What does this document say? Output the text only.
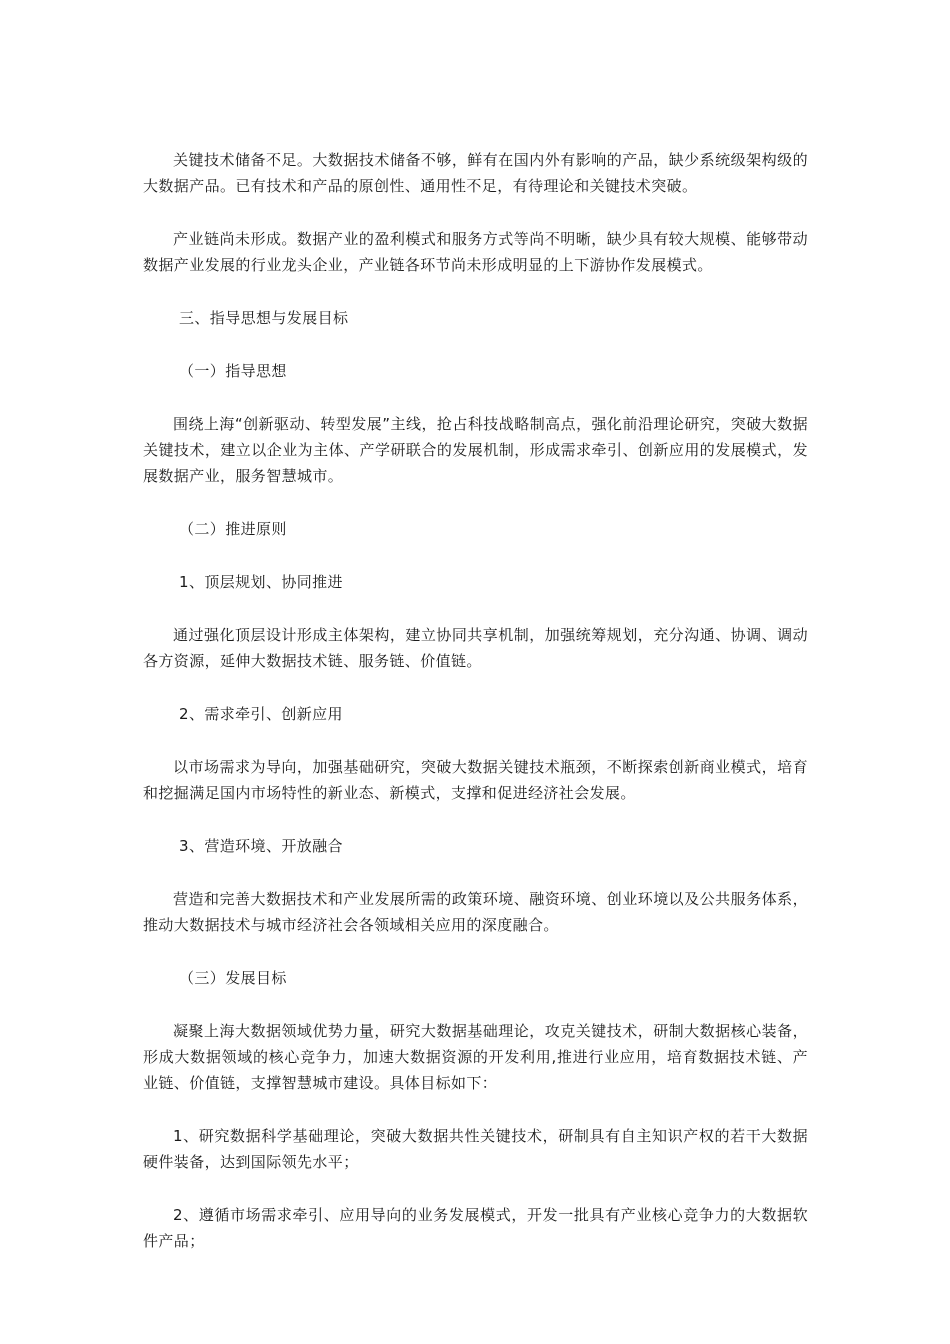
关键技术储备不足。大数据技术储备不够，鲜有在国内外有影响的产品，缺少系统级架构级的大数据产品。已有技术和产品的原创性、通用性不足，有待理论和关键技术突破。

产业链尚未形成。数据产业的盈利模式和服务方式等尚不明晰，缺少具有较大规模、能够带动数据产业发展的行业龙头企业，产业链各环节尚未形成明显的上下游协作发展模式。

三、指导思想与发展目标

（一）指导思想

围绕上海“创新驱动、转型发展”主线，抢占科技战略制高点，强化前沿理论研究，突破大数据关键技术，建立以企业为主体、产学研联合的发展机制，形成需求牵引、创新应用的发展模式，发展数据产业，服务智慧城市。

（二）推进原则

1、顶层规划、协同推进

通过强化顶层设计形成主体架构，建立协同共享机制，加强统筹规划，充分沟通、协调、调动各方资源，延伸大数据技术链、服务链、价值链。

2、需求牵引、创新应用

以市场需求为导向，加强基础研究，突破大数据关键技术瓶颈，不断探索创新商业模式，培育和挖掘满足国内市场特性的新业态、新模式，支撑和促进经济社会发展。

3、营造环境、开放融合

营造和完善大数据技术和产业发展所需的政策环境、融资环境、创业环境以及公共服务体系，推动大数据技术与城市经济社会各领域相关应用的深度融合。

（三）发展目标

凝聚上海大数据领域优势力量，研究大数据基础理论，攻克关键技术，研制大数据核心装备，形成大数据领域的核心竞争力，加速大数据资源的开发利用,推进行业应用，培育数据技术链、产业链、价值链，支撑智慧城市建设。具体目标如下：

1、研究数据科学基础理论，突破大数据共性关键技术，研制具有自主知识产权的若干大数据硬件装备，达到国际领先水平；

2、遵循市场需求牵引、应用导向的业务发展模式，开发一批具有产业核心竞争力的大数据软件产品；
